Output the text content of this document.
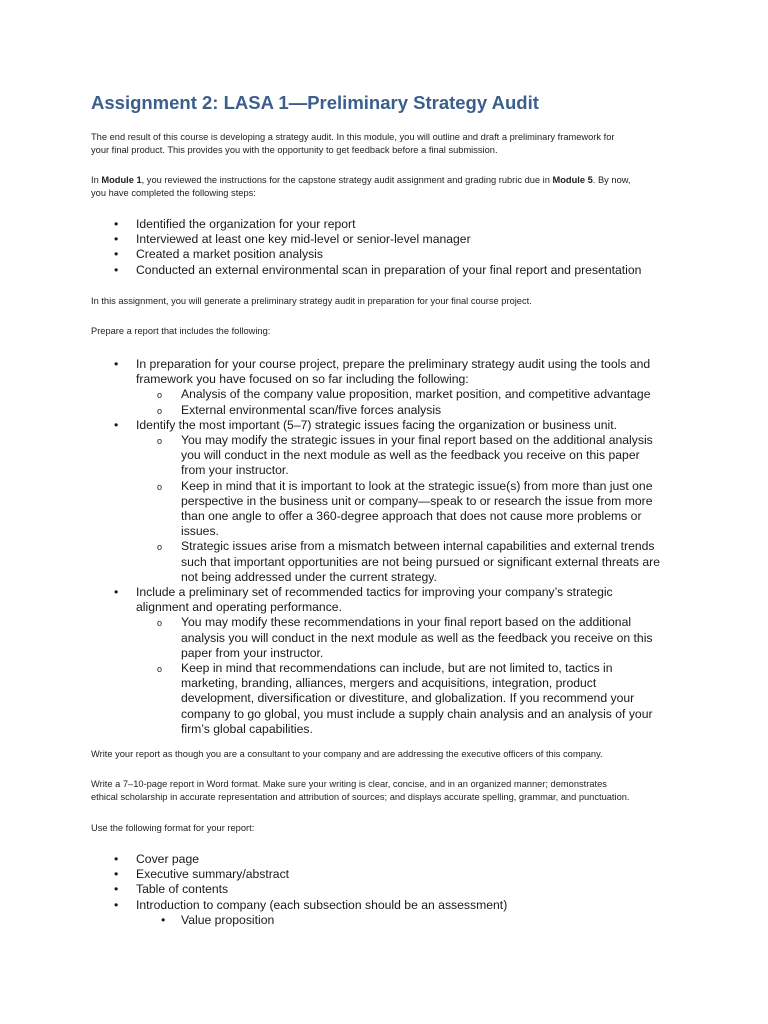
Assignment 2: LASA 1—Preliminary Strategy Audit

The end result of this course is developing a strategy audit. In this module, you will outline and draft a preliminary framework for
your final product. This provides you with the opportunity to get feedback before a final submission.

In Module 1, you reviewed the instructions for the capstone strategy audit assignment and grading rubric due in Module 5. By now,
you have completed the following steps:

•	Identified the organization for your report
•	Interviewed at least one key mid-level or senior-level manager
•	Created a market position analysis
•	Conducted an external environmental scan in preparation of your final report and presentation

In this assignment, you will generate a preliminary strategy audit in preparation for your final course project.

Prepare a report that includes the following:

•	In preparation for your course project, prepare the preliminary strategy audit using the tools and
framework you have focused on so far including the following:
o Analysis of the company value proposition, market position, and competitive advantage
o External environmental scan/five forces analysis
•	Identify the most important (5–7) strategic issues facing the organization or business unit.
o You may modify the strategic issues in your final report based on the additional analysis
you will conduct in the next module as well as the feedback you receive on this paper
from your instructor.
o Keep in mind that it is important to look at the strategic issue(s) from more than just one
perspective in the business unit or company—speak to or research the issue from more
than one angle to offer a 360-degree approach that does not cause more problems or
issues.
o Strategic issues arise from a mismatch between internal capabilities and external trends
such that important opportunities are not being pursued or significant external threats are
not being addressed under the current strategy.
•	Include a preliminary set of recommended tactics for improving your company’s strategic
alignment and operating performance.
o You may modify these recommendations in your final report based on the additional
analysis you will conduct in the next module as well as the feedback you receive on this
paper from your instructor.
o Keep in mind that recommendations can include, but are not limited to, tactics in
marketing, branding, alliances, mergers and acquisitions, integration, product
development, diversification or divestiture, and globalization. If you recommend your
company to go global, you must include a supply chain analysis and an analysis of your
firm’s global capabilities.

Write your report as though you are a consultant to your company and are addressing the executive officers of this company.

Write a 7–10-page report in Word format. Make sure your writing is clear, concise, and in an organized manner; demonstrates
ethical scholarship in accurate representation and attribution of sources; and displays accurate spelling, grammar, and punctuation.

Use the following format for your report:

•	Cover page
•	Executive summary/abstract
•	Table of contents
•	Introduction to company (each subsection should be an assessment)
• Value proposition
